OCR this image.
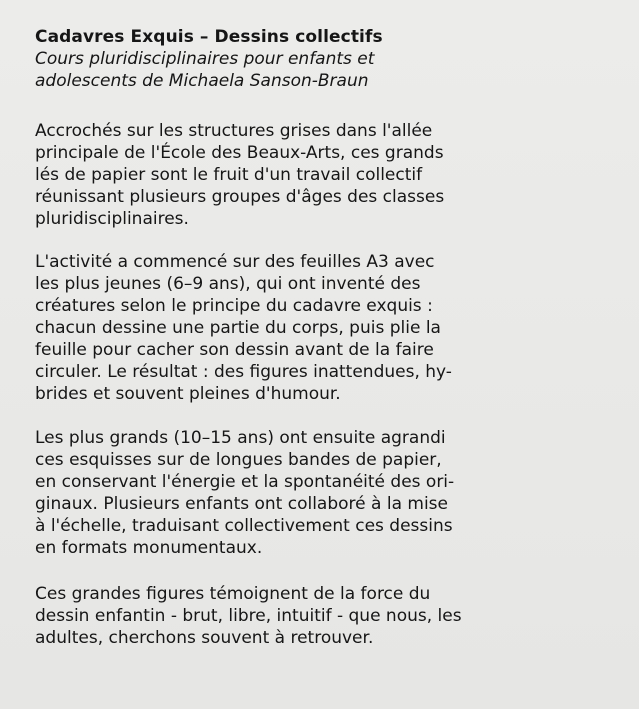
Cadavres Exquis – Dessins collectifs
Cours pluridisciplinaires pour enfants et
adolescents de Michaela Sanson-Braun
Accrochés sur les structures grises dans l'allée
principale de l'École des Beaux-Arts, ces grands
lés de papier sont le fruit d'un travail collectif
réunissant plusieurs groupes d'âges des classes
pluridisciplinaires.
L'activité a commencé sur des feuilles A3 avec
les plus jeunes (6–9 ans), qui ont inventé des
créatures selon le principe du cadavre exquis :
chacun dessine une partie du corps, puis plie la
feuille pour cacher son dessin avant de la faire
circuler. Le résultat : des figures inattendues, hy-
brides et souvent pleines d'humour.
Les plus grands (10–15 ans) ont ensuite agrandi
ces esquisses sur de longues bandes de papier,
en conservant l'énergie et la spontanéité des ori-
ginaux. Plusieurs enfants ont collaboré à la mise
à l'échelle, traduisant collectivement ces dessins
en formats monumentaux.
Ces grandes figures témoignent de la force du
dessin enfantin - brut, libre, intuitif - que nous, les
adultes, cherchons souvent à retrouver.
